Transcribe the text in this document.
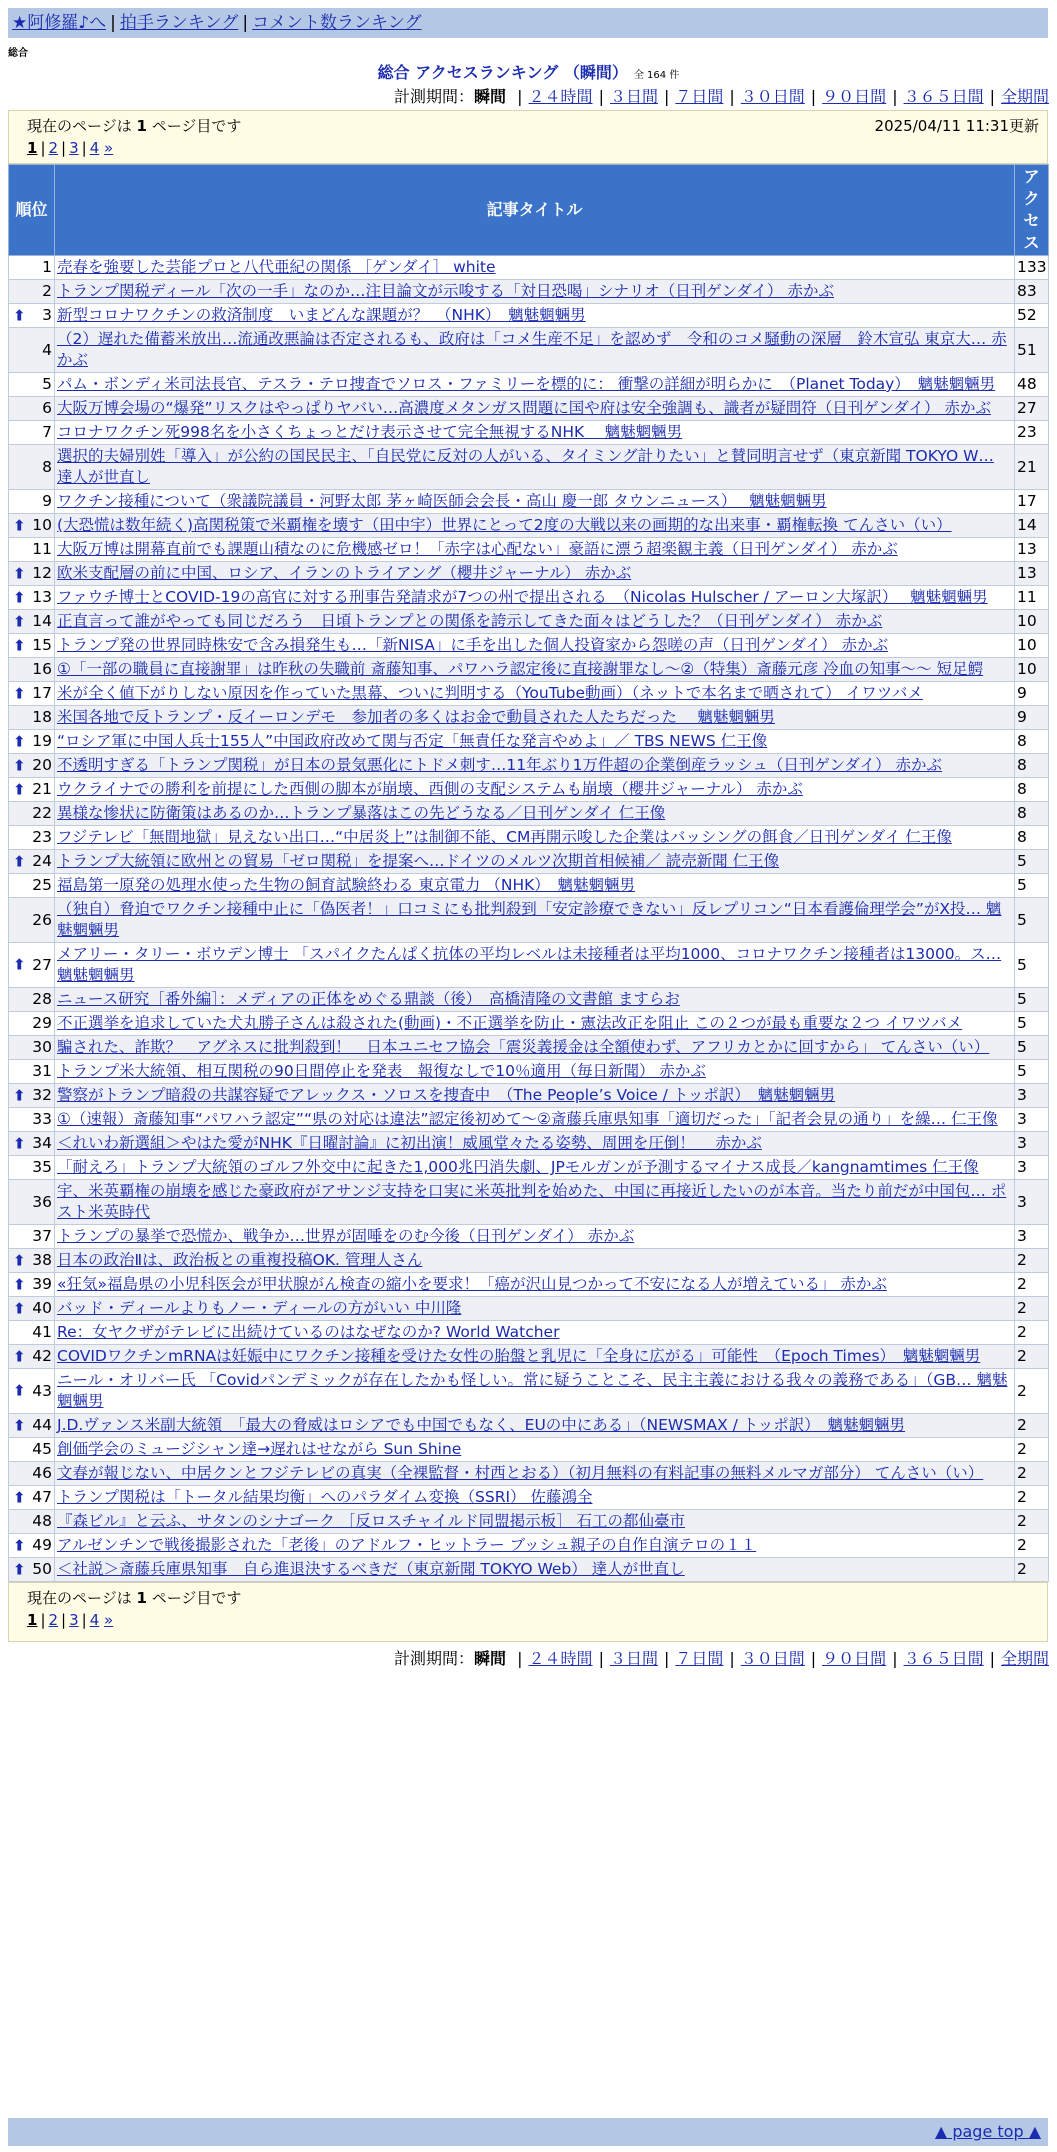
★阿修羅♪へ | 拍手ランキング | コメント数ランキング
総合
総合 アクセスランキング （瞬間） 全 164 件
計測期間：瞬間 | ２４時間 | ３日間 | ７日間 | ３０日間 | ９０日間 | ３６５日間 | 全期間
現在のページは 1 ページ目です	2025/04/11 11:31更新
1 | 2 | 3 | 4 »
順位	記事タイトル	アクセス
1	売春を強要した芸能プロと八代亜紀の関係 ［ゲンダイ］ white	133
2	トランプ関税ディール「次の一手」なのか…注目論文が示唆する「対日恐喝」シナリオ（日刊ゲンダイ） 赤かぶ	83

⬆ 3	新型コロナワクチンの救済制度　いまどんな課題が？　（NHK）　魑魅魍魎男	52
4	（2）遅れた備蓄米放出…流通改悪論は否定されるも、政府は「コメ生産不足」を認めず　令和のコメ騒動の深層　鈴木宣弘 東京大… 赤かぶ	51
5	パム・ボンディ米司法長官、テスラ・テロ捜査でソロス・ファミリーを標的に： 衝撃の詳細が明らかに　（Planet Today）　魑魅魍魎男	48
6	大阪万博会場の“爆発”リスクはやっぱりヤバい…高濃度メタンガス問題に国や府は安全強調も、識者が疑問符（日刊ゲンダイ） 赤かぶ	27
7	コロナワクチン死998名を小さくちょっとだけ表示させて完全無視するNHK　 魑魅魍魎男	23
8	選択的夫婦別姓「導入」が公約の国民民主、「自民党に反対の人がいる、タイミング計りたい」と賛同明言せず（東京新聞 TOKYO W… 達人が世直し	21
9	ワクチン接種について（衆議院議員・河野太郎 茅ヶ崎医師会会長・高山 慶一郎 タウンニュース）　 魑魅魍魎男	17

⬆ 10	(大恐慌は数年続く)高関税策で米覇権を壊す（田中宇）世界にとって2度の大戦以来の画期的な出来事・覇権転換 てんさい（い）	14
11	大阪万博は開幕直前でも課題山積なのに危機感ゼロ！「赤字は心配ない」豪語に漂う超楽観主義（日刊ゲンダイ） 赤かぶ	13

⬆ 12	欧米支配層の前に中国、ロシア、イランのトライアング（櫻井ジャーナル） 赤かぶ	13

⬆ 13	ファウチ博士とCOVID-19の高官に対する刑事告発請求が7つの州で提出される　（Nicolas Hulscher / アーロン大塚訳）　 魑魅魍魎男	11

⬆ 14	正直言って誰がやっても同じだろう　日頃トランプとの関係を誇示してきた面々はどうした？（日刊ゲンダイ） 赤かぶ	10

⬆ 15	トランプ発の世界同時株安で含み損発生も…「新NISA」に手を出した個人投資家から怨嗟の声（日刊ゲンダイ） 赤かぶ	10
16	①「一部の職員に直接謝罪」は昨秋の失職前 斎藤知事、パワハラ認定後に直接謝罪なし～②（特集）斎藤元彦 冷血の知事～～ 短足鰐	10

⬆ 17	米が全く値下がりしない原因を作っていた黒幕、ついに判明する（YouTube動画）（ネットで本名まで晒されて） イワツバメ	9
18	米国各地で反トランプ・反イーロンデモ　参加者の多くはお金で動員された人たちだった　 魑魅魍魎男	9

⬆ 19	“ロシア軍に中国人兵士155人”中国政府改めて関与否定「無責任な発言やめよ」／ TBS NEWS 仁王像	8

⬆ 20	不透明すぎる「トランプ関税」が日本の景気悪化にトドメ刺す…11年ぶり1万件超の企業倒産ラッシュ（日刊ゲンダイ） 赤かぶ	8

⬆ 21	ウクライナでの勝利を前提にした西側の脚本が崩壊、西側の支配システムも崩壊（櫻井ジャーナル） 赤かぶ	8
22	異様な惨状に防衛策はあるのか…トランプ暴落はこの先どうなる／日刊ゲンダイ 仁王像	8
23	フジテレビ「無間地獄」見えない出口…“中居炎上”は制御不能、CM再開示唆した企業はバッシングの餌食／日刊ゲンダイ 仁王像	8

⬆ 24	トランプ大統領に欧州との貿易「ゼロ関税」を提案へ…ドイツのメルツ次期首相候補／ 読売新聞 仁王像	5
25	福島第一原発の処理水使った生物の飼育試験終わる 東京電力 （NHK）　魑魅魍魎男	5
26	（独自）脅迫でワクチン接種中止に「偽医者！」口コミにも批判殺到「安定診療できない」反レプリコン“日本看護倫理学会”がX投… 魑魅魍魎男	5

⬆ 27	メアリー・タリー・ボウデン博士 「スパイクたんぱく抗体の平均レベルは未接種者は平均1000、コロナワクチン接種者は13000。ス… 魑魅魍魎男	5
28	ニュース研究［番外編］：メディアの正体をめぐる鼎談（後）　高橋清隆の文書館 ますらお	5
29	不正選挙を追求していた犬丸勝子さんは殺された(動画)・不正選挙を防止・憲法改正を阻止 この２つが最も重要な２つ イワツバメ	5
30	騙された、詐欺？　アグネスに批判殺到！　日本ユニセフ協会「震災義援金は全額使わず、アフリカとかに回すから」 てんさい（い）	5
31	トランプ米大統領、相互関税の90日間停止を発表　報復なしで10％適用（毎日新聞） 赤かぶ	5

⬆ 32	警察がトランプ暗殺の共謀容疑でアレックス・ソロスを捜査中　（The People’s Voice / トッポ訳）　魑魅魍魎男	3
33	①（速報）斎藤知事“パワハラ認定”“県の対応は違法”認定後初めて～②斎藤兵庫県知事「適切だった」「記者会見の通り」を繰… 仁王像	3

⬆ 34	＜れいわ新選組＞やはた愛がNHK『日曜討論』に初出演！威風堂々たる姿勢、周囲を圧倒！　 赤かぶ	3
35	「耐えろ」トランプ大統領のゴルフ外交中に起きた1,000兆円消失劇、JPモルガンが予測するマイナス成長／kangnamtimes 仁王像	3
36	宇、米英覇権の崩壊を感じた豪政府がアサンジ支持を口実に米英批判を始めた、中国に再接近したいのが本音。当たり前だが中国包… ポスト米英時代	3
37	トランプの暴挙で恐慌か、戦争か…世界が固唾をのむ今後（日刊ゲンダイ） 赤かぶ	3

⬆ 38	日本の政治Ⅱは、政治板との重複投稿OK. 管理人さん	2

⬆ 39	«狂気»福島県の小児科医会が甲状腺がん検査の縮小を要求！「癌が沢山見つかって不安になる人が増えている」 赤かぶ	2

⬆ 40	バッド・ディールよりもノー・ディールの方がいい 中川隆	2
41	Re：女ヤクザがテレビに出続けているのはなぜなのか? World Watcher	2

⬆ 42	COVIDワクチンmRNAは妊娠中にワクチン接種を受けた女性の胎盤と乳児に「全身に広がる」可能性　（Epoch Times）　魑魅魍魎男	2

⬆ 43	ニール・オリバー氏 「Covidパンデミックが存在したかも怪しい。常に疑うことこそ、民主主義における我々の義務である」（GB… 魑魅魍魎男	2

⬆ 44	J.D.ヴァンス米副大統領　「最大の脅威はロシアでも中国でもなく、EUの中にある」（NEWSMAX / トッポ訳）　魑魅魍魎男	2
45	創価学会のミュージシャン達→遅れはせながら Sun Shine	2
46	文春が報じない、中居クンとフジテレビの真実（全裸監督・村西とおる）（初月無料の有料記事の無料メルマガ部分） てんさい（い）	2

⬆ 47	トランプ関税は「トータル結果均衡」へのパラダイム変換（SSRI） 佐藤鴻全	2
48	『森ビル』と云ふ、サタンのシナゴーク ［反ロスチャイルド同盟掲示板］ 石工の都仙臺市	2

⬆ 49	アルゼンチンで戦後撮影された「老後」のアドルフ・ヒットラー ブッシュ親子の自作自演テロの１１	2

⬆ 50	＜社説＞斎藤兵庫県知事　自ら進退決するべきだ（東京新聞 TOKYO Web） 達人が世直し	2
現在のページは 1 ページ目です
1 | 2 | 3 | 4 »
計測期間：瞬間 | ２４時間 | ３日間 | ７日間 | ３０日間 | ９０日間 | ３６５日間 | 全期間
▲ page top ▲
